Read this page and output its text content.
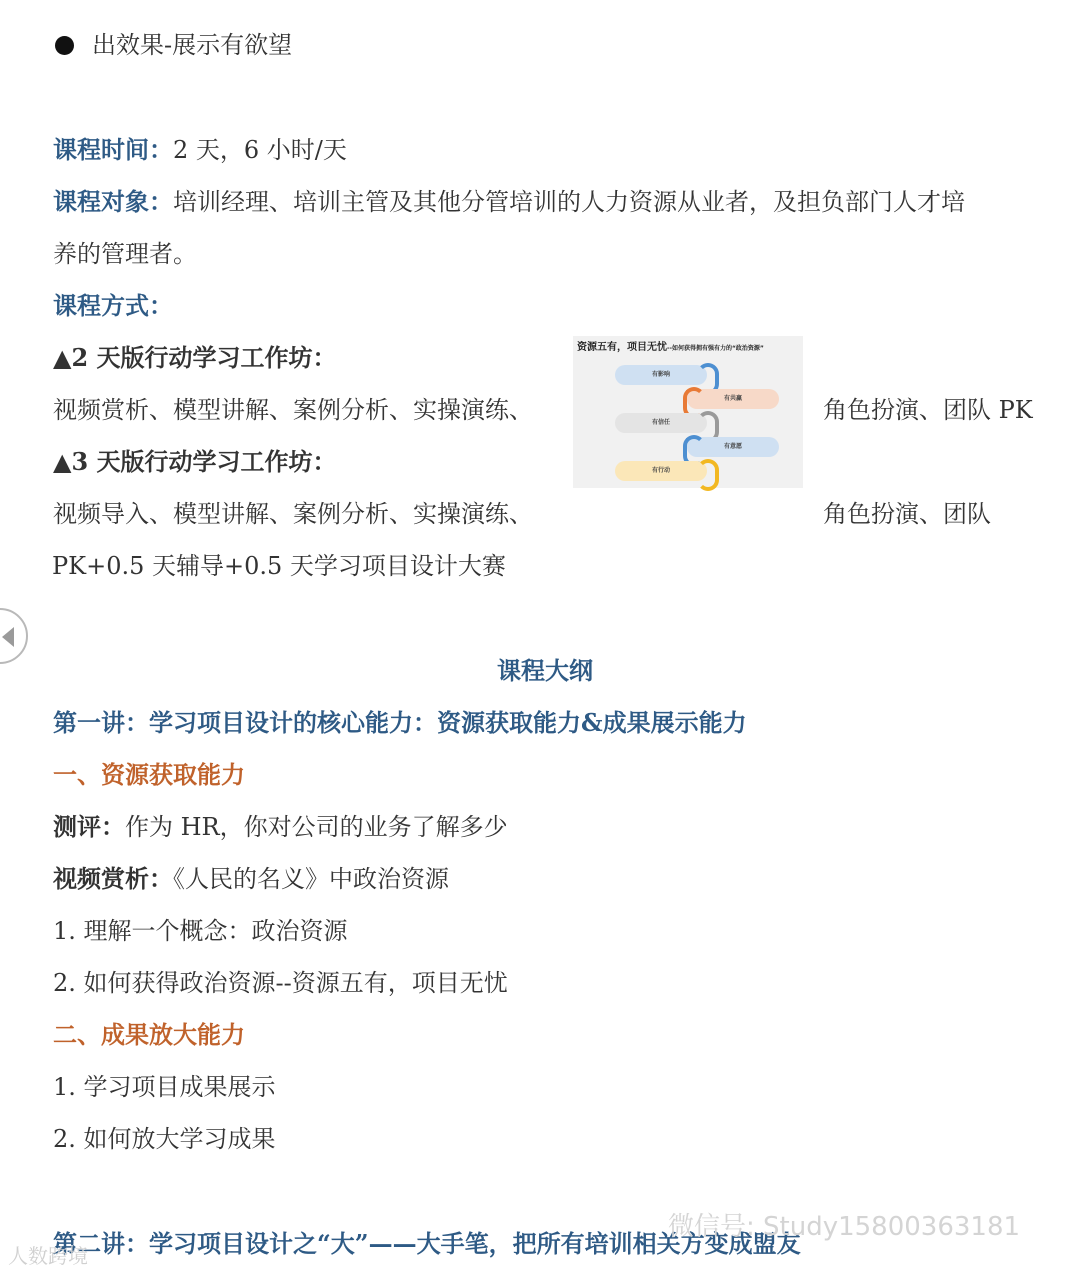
出效果-展示有欲望
课程时间：2 天，6 小时/天
课程对象：培训经理、培训主管及其他分管培训的人力资源从业者，及担负部门人才培
养的管理者。
课程方式：
▲2 天版行动学习工作坊：
视频赏析、模型讲解、案例分析、实操演练、	角色扮演、团队 PK
▲3 天版行动学习工作坊：
视频导入、模型讲解、案例分析、实操演练、	角色扮演、团队
PK+0.5 天辅导+0.5 天学习项目设计大赛
资源五有，项目无忧--如何获得拥有强有力的“政治资源”
有影响
有共赢
有信任
有意愿
有行动
课程大纲
第一讲：学习项目设计的核心能力：资源获取能力&成果展示能力
一、资源获取能力
测评：作为 HR，你对公司的业务了解多少
视频赏析：《人民的名义》中政治资源
1. 理解一个概念：政治资源
2. 如何获得政治资源--资源五有，项目无忧
二、成果放大能力
1. 学习项目成果展示
2. 如何放大学习成果
第二讲：学习项目设计之“大”——大手笔，把所有培训相关方变成盟友
人数跨境
微信号: Study15800363181
